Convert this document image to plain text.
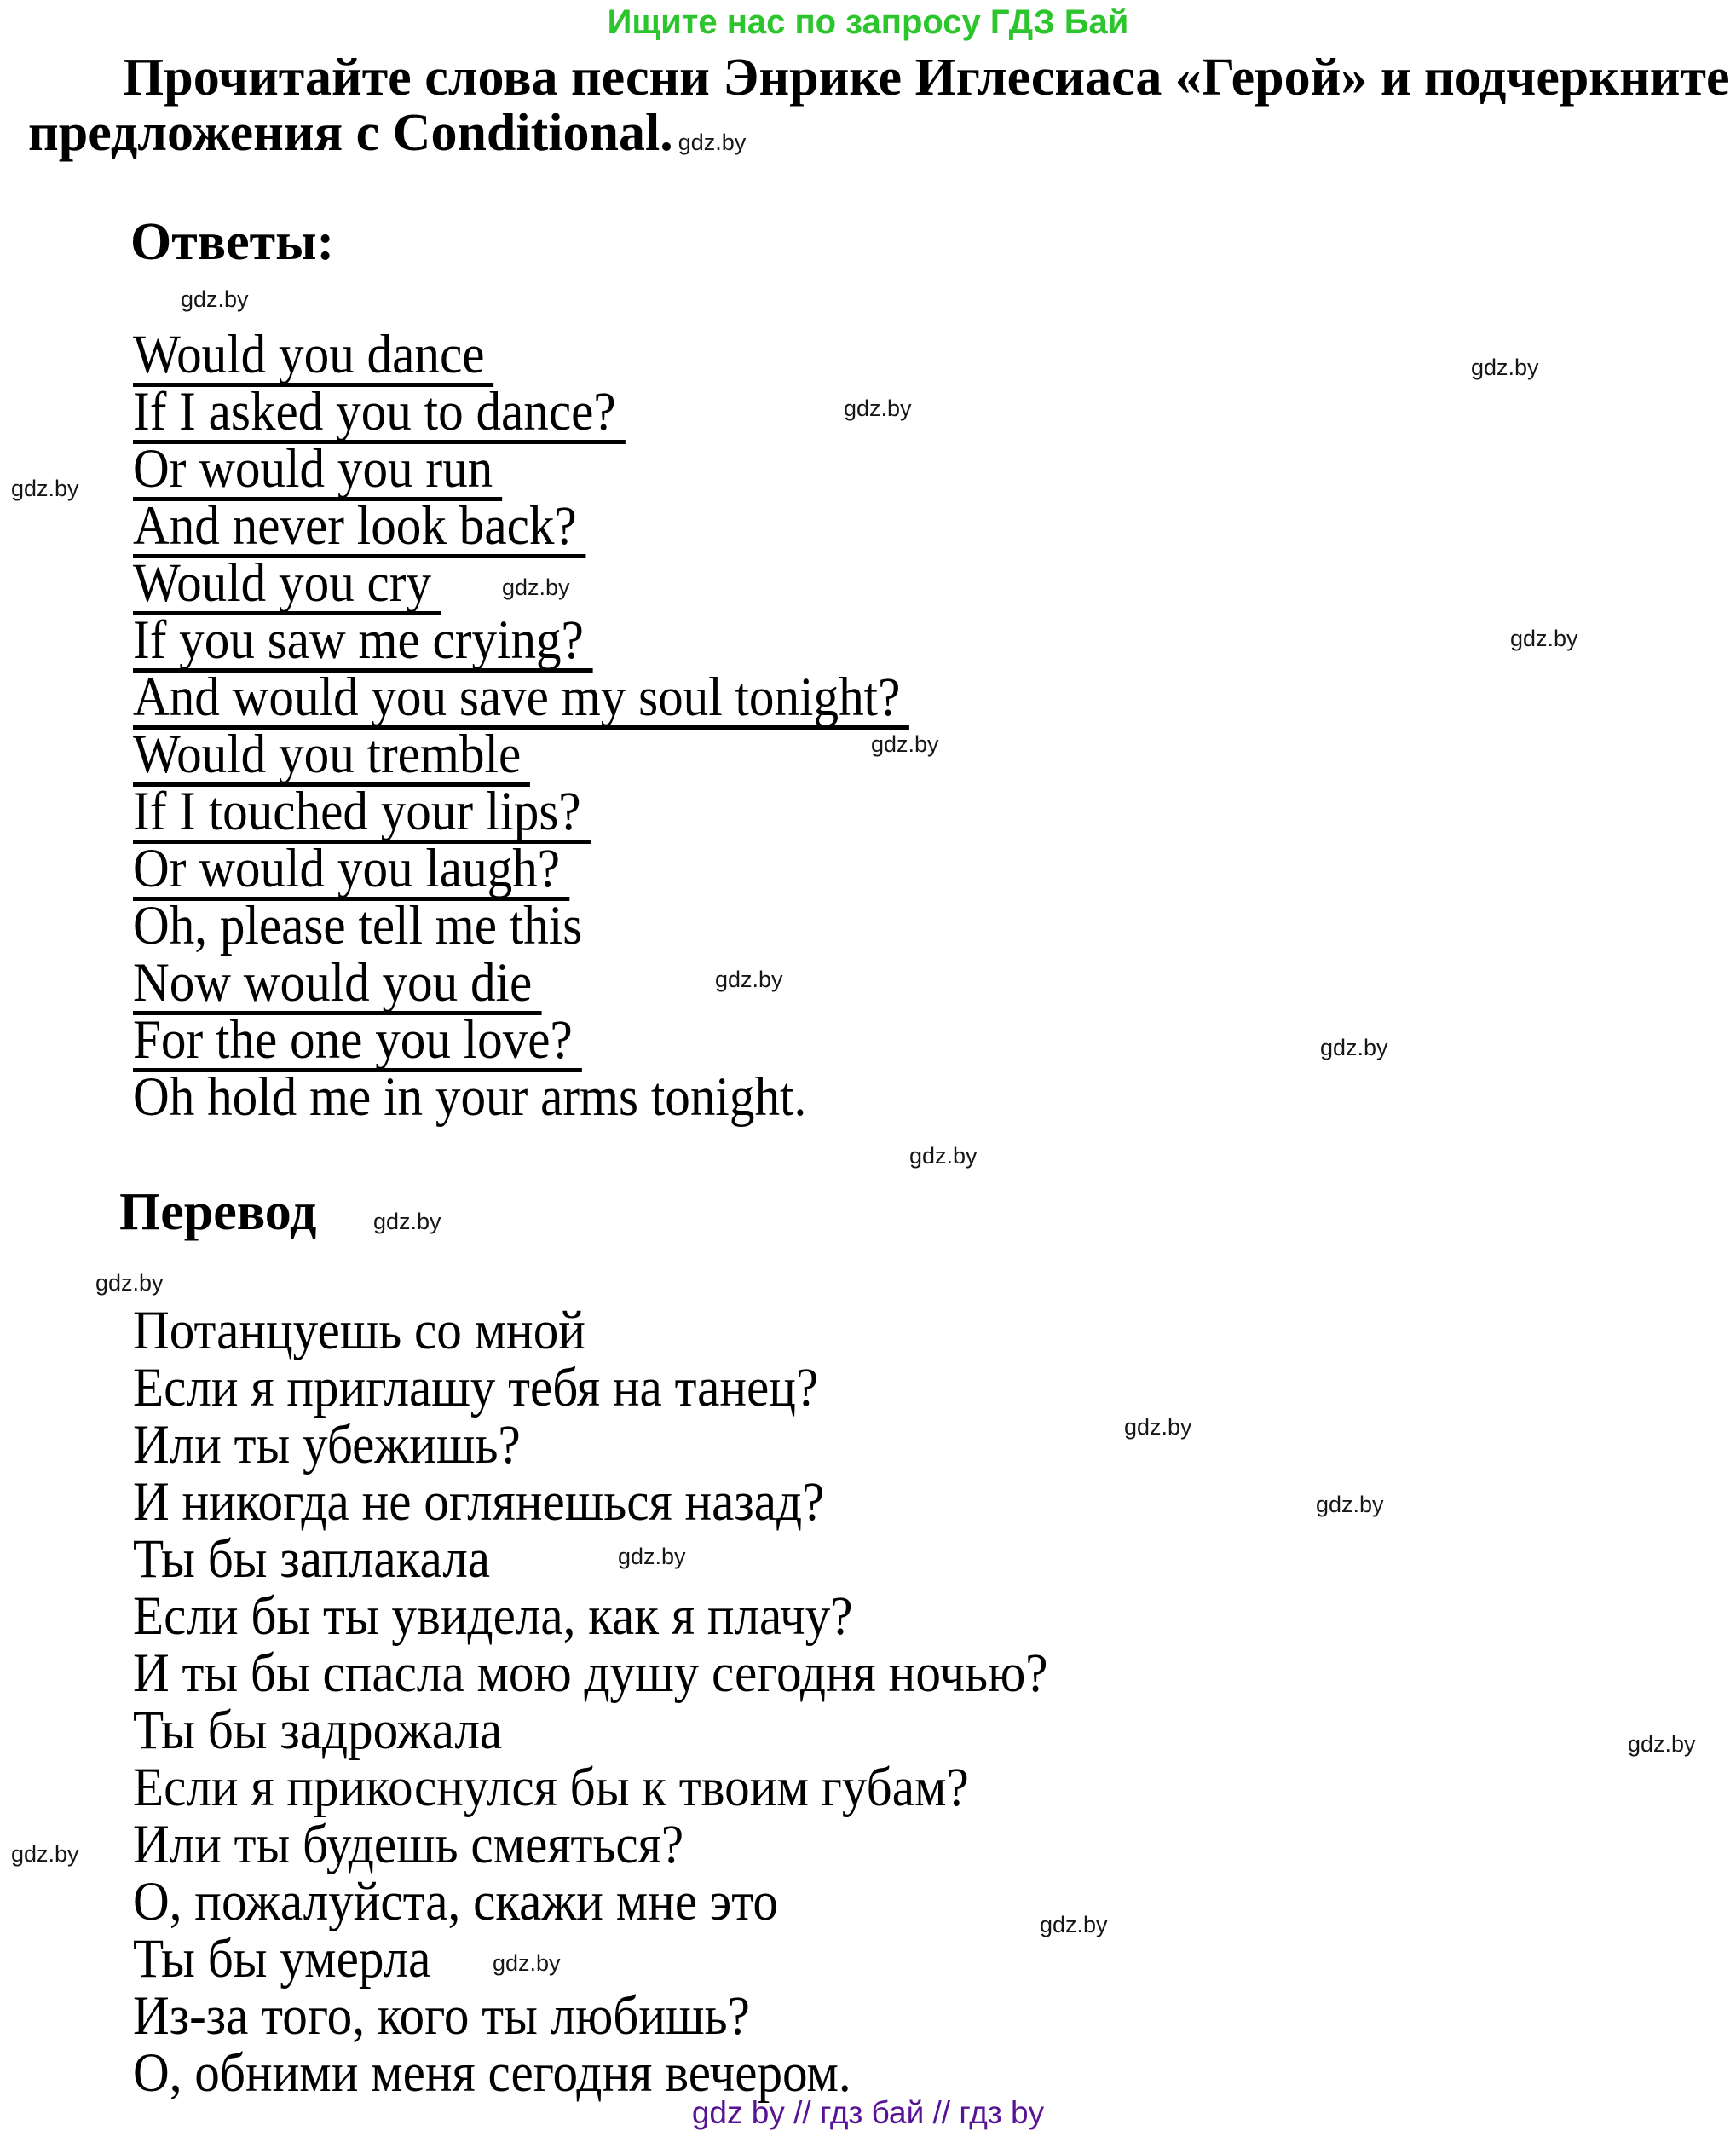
Ищите нас по запросу ГДЗ Бай
Прочитайте слова песни Энрике Иглесиаса «Герой» и подчеркните
предложения с Conditional. gdz.by
Ответы:
Would you dance
If I asked you to dance?
Or would you run
And never look back?
Would you cry
If you saw me crying?
And would you save my soul tonight?
Would you tremble
If I touched your lips?
Or would you laugh?
Oh, please tell me this
Now would you die
For the one you love?
Oh hold me in your arms tonight.
Перевод
Потанцуешь со мной
Если я приглашу тебя на танец?
Или ты убежишь?
И никогда не оглянешься назад?
Ты бы заплакала
Если бы ты увидела, как я плачу?
И ты бы спасла мою душу сегодня ночью?
Ты бы задрожала
Если я прикоснулся бы к твоим губам?
Или ты будешь смеяться?
О, пожалуйста, скажи мне это
Ты бы умерла
Из-за того, кого ты любишь?
О, обними меня сегодня вечером.
gdz.by
gdz.by
gdz.by
gdz.by
gdz.by
gdz.by
gdz.by
gdz.by
gdz.by
gdz.by
gdz.by
gdz.by
gdz.by
gdz.by
gdz.by
gdz.by
gdz.by
gdz.by
gdz.by
gdz by // гдз бай // гдз by
